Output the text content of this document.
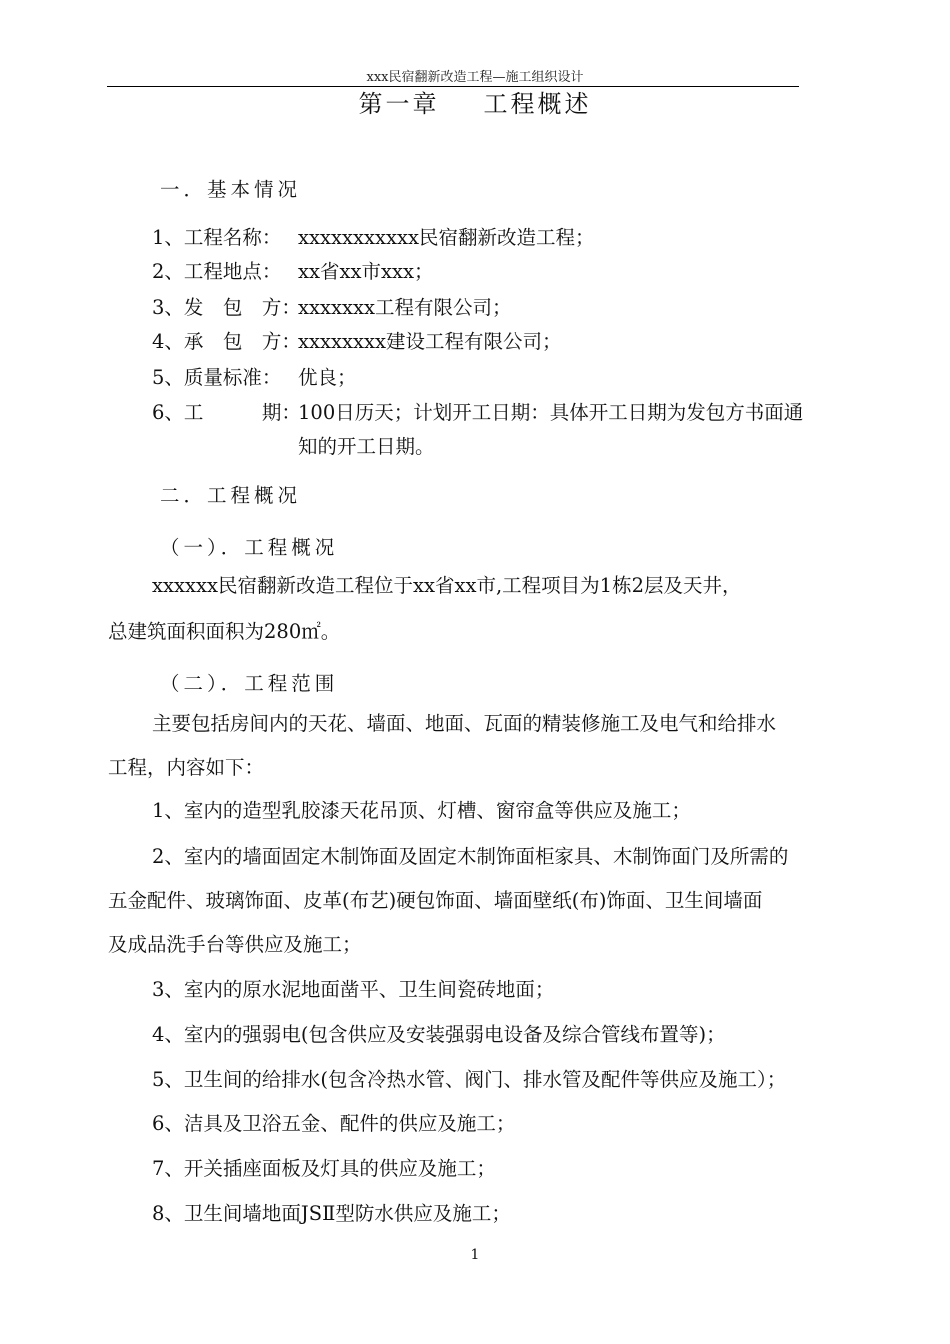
xxx民宿翻新改造工程—施工组织设计
第一章 工程概述
一．基本情况
1、工程名称： xxxxxxxxxxx民宿翻新改造工程；
2、工程地点： xx省xx市xxx；
3、发　包　方：
xxxxxxx工程有限公司；
4、承　包　方：
xxxxxxxx建设工程有限公司；
5、质量标准： 优良；
6、工　　　期：
100日历天；计划开工日期：具体开工日期为发包方书面通
知的开工日期。
二．工程概况
（一）．工程概况
xxxxxx民宿翻新改造工程位于xx省xx市,工程项目为1栋2层及天井，
总建筑面积面积为280㎡。
（二）．工程范围
主要包括房间内的天花、墙面、地面、瓦面的精装修施工及电气和给排水
工程，内容如下：
1、室内的造型乳胶漆天花吊顶、灯槽、窗帘盒等供应及施工；
2、室内的墙面固定木制饰面及固定木制饰面柜家具、木制饰面门及所需的
五金配件、玻璃饰面、皮革(布艺)硬包饰面、墙面壁纸(布)饰面、卫生间墙面
及成品洗手台等供应及施工；
3、室内的原水泥地面凿平、卫生间瓷砖地面；
4、室内的强弱电(包含供应及安装强弱电设备及综合管线布置等)；
5、卫生间的给排水(包含冷热水管、阀门、排水管及配件等供应及施工）；
6、洁具及卫浴五金、配件的供应及施工；
7、开关插座面板及灯具的供应及施工；
8、卫生间墙地面JSⅡ型防水供应及施工；
1
